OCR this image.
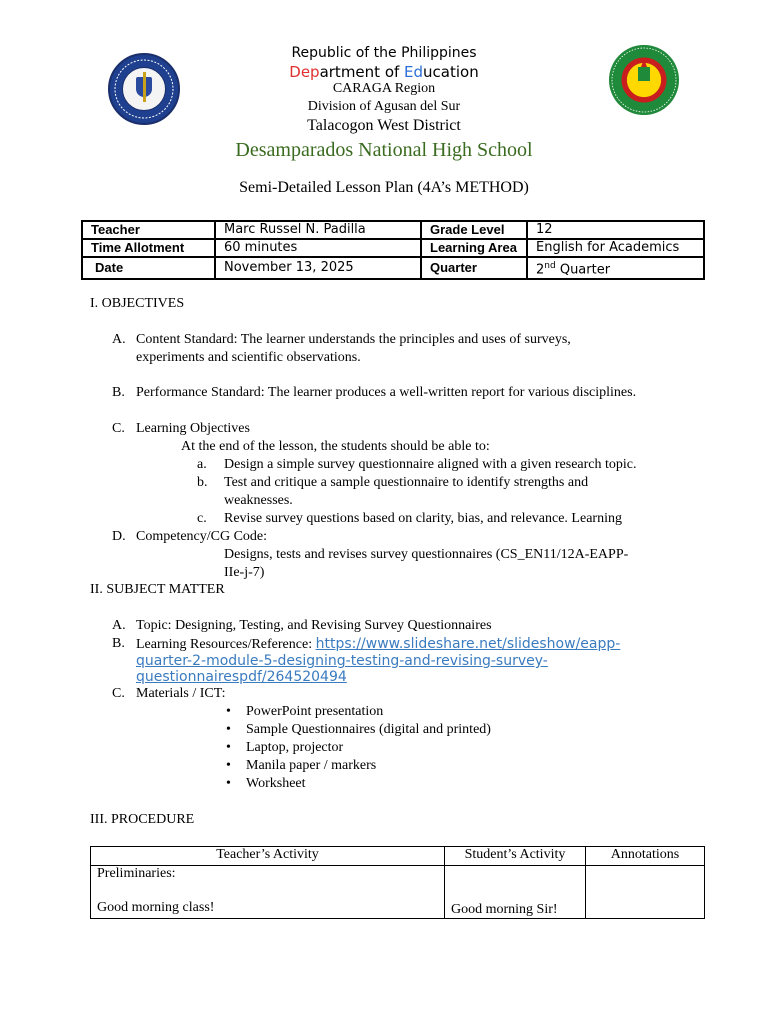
Republic of the Philippines
Department of Education
CARAGA Region
Division of Agusan del Sur
Talacogon West District
Desamparados National High School
Semi-Detailed Lesson Plan (4A’s METHOD)
Teacher	Marc Russel N. Padilla	Grade Level	12
Time Allotment	60 minutes	Learning Area	English for Academics
Date	November 13, 2025	Quarter	2nd Quarter
I. OBJECTIVES
A. Content Standard: The learner understands the principles and uses of surveys,
experiments and scientific observations.
B. Performance Standard: The learner produces a well-written report for various disciplines.
C. Learning Objectives
At the end of the lesson, the students should be able to:
a. Design a simple survey questionnaire aligned with a given research topic.
b. Test and critique a sample questionnaire to identify strengths and
weaknesses.
c. Revise survey questions based on clarity, bias, and relevance. Learning
D. Competency/CG Code:
Designs, tests and revises survey questionnaires (CS_EN11/12A-EAPP-
IIe-j-7)
II. SUBJECT MATTER
A. Topic: Designing, Testing, and Revising Survey Questionnaires
B. Learning Resources/Reference: https://www.slideshare.net/slideshow/eapp-
quarter-2-module-5-designing-testing-and-revising-survey-
questionnairespdf/264520494
C. Materials / ICT:
• PowerPoint presentation
• Sample Questionnaires (digital and printed)
• Laptop, projector
• Manila paper / markers
• Worksheet
III. PROCEDURE
Teacher’s Activity	Student’s Activity	Annotations

Preliminaries:
Good morning class!	Good morning Sir!	
